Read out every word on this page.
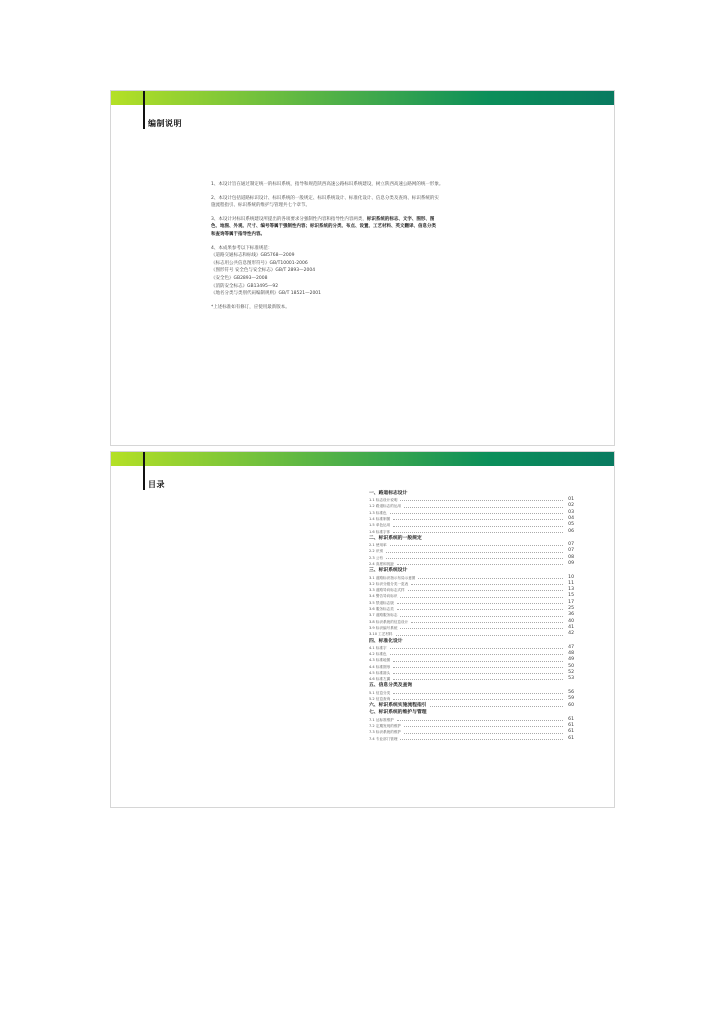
编制说明
1、本设计旨在通过制定统一的标识系统，指导和规范陕西高速公路标识系统建设，树立陕西高速公路网的统一形象。
2、本设计包括道路标识设计、标识系统的一般规定、标识系统设计、标准化设计、信息分类及查询、标识系统的实
施流程指引、标识系统的维护与管理共七个章节。
3、本设计对标识系统建设所提出的各项要求分强制性内容和指导性内容两类，标识系统的标志、文字、图形、图
色、地图、外观、尺寸、编号等属于强制性内容；标识系统的分类、布点、设置、工艺材料、英文翻译、信息分类
和查询等属于指导性内容。
4、本成果参考以下标准规范：
《道路交通标志和标线》GB5768—2009
《标志用公共信息图形符号》GB/T10001-2006
《图形符号 安全色与安全标志》GB/T 2893—2004
《安全色》GB2893—2008
《消防安全标志》GB13495—92
《地名分类与类别代码编制规则》GB/T 18521—2001
*上述标准如有修订，应使用最新版本。
目录
一、路道标志设计
1.1 标志设计说明	01
1.2 路道标志的运用	02
1.3 标准色	03
1.4 标准制图	04
1.5 单色运用	05
1.6 标准字体	06
二、标识系统的一般规定
2.1 使用率	07
2.2 识别	07
2.3 公有	08
2.4 高度和视距	09
三、标识系统设计
3.1 道路标识指示布局示意图	10
3.2 标识分级分类一览表	11
3.3 道路导向标志式样	13
3.4 警告导向标识	15
3.5 禁道标志版	17
3.6 服务标志类	25
3.7 道路服务标志	36
3.8 标识系统的信息设计	40
3.9 标识编号系统	41
3.10 工艺材料	42
四、标准化设计
4.1 标准字	47
4.2 标准色	48
4.3 标准地图	49
4.4 标准图形	50
4.5 标准箭头	52
4.6 标准左翼	53
五、信息分类及查询
5.1 信息分类	56
5.2 信息查询	59
六、标识系统实施流程指引	60
七、标识系统的维护与管理
7.1 达标准维护	61
7.2 定期发现的维护	61
7.3 标识系统的维护	61
7.4 专业部门管理	61
